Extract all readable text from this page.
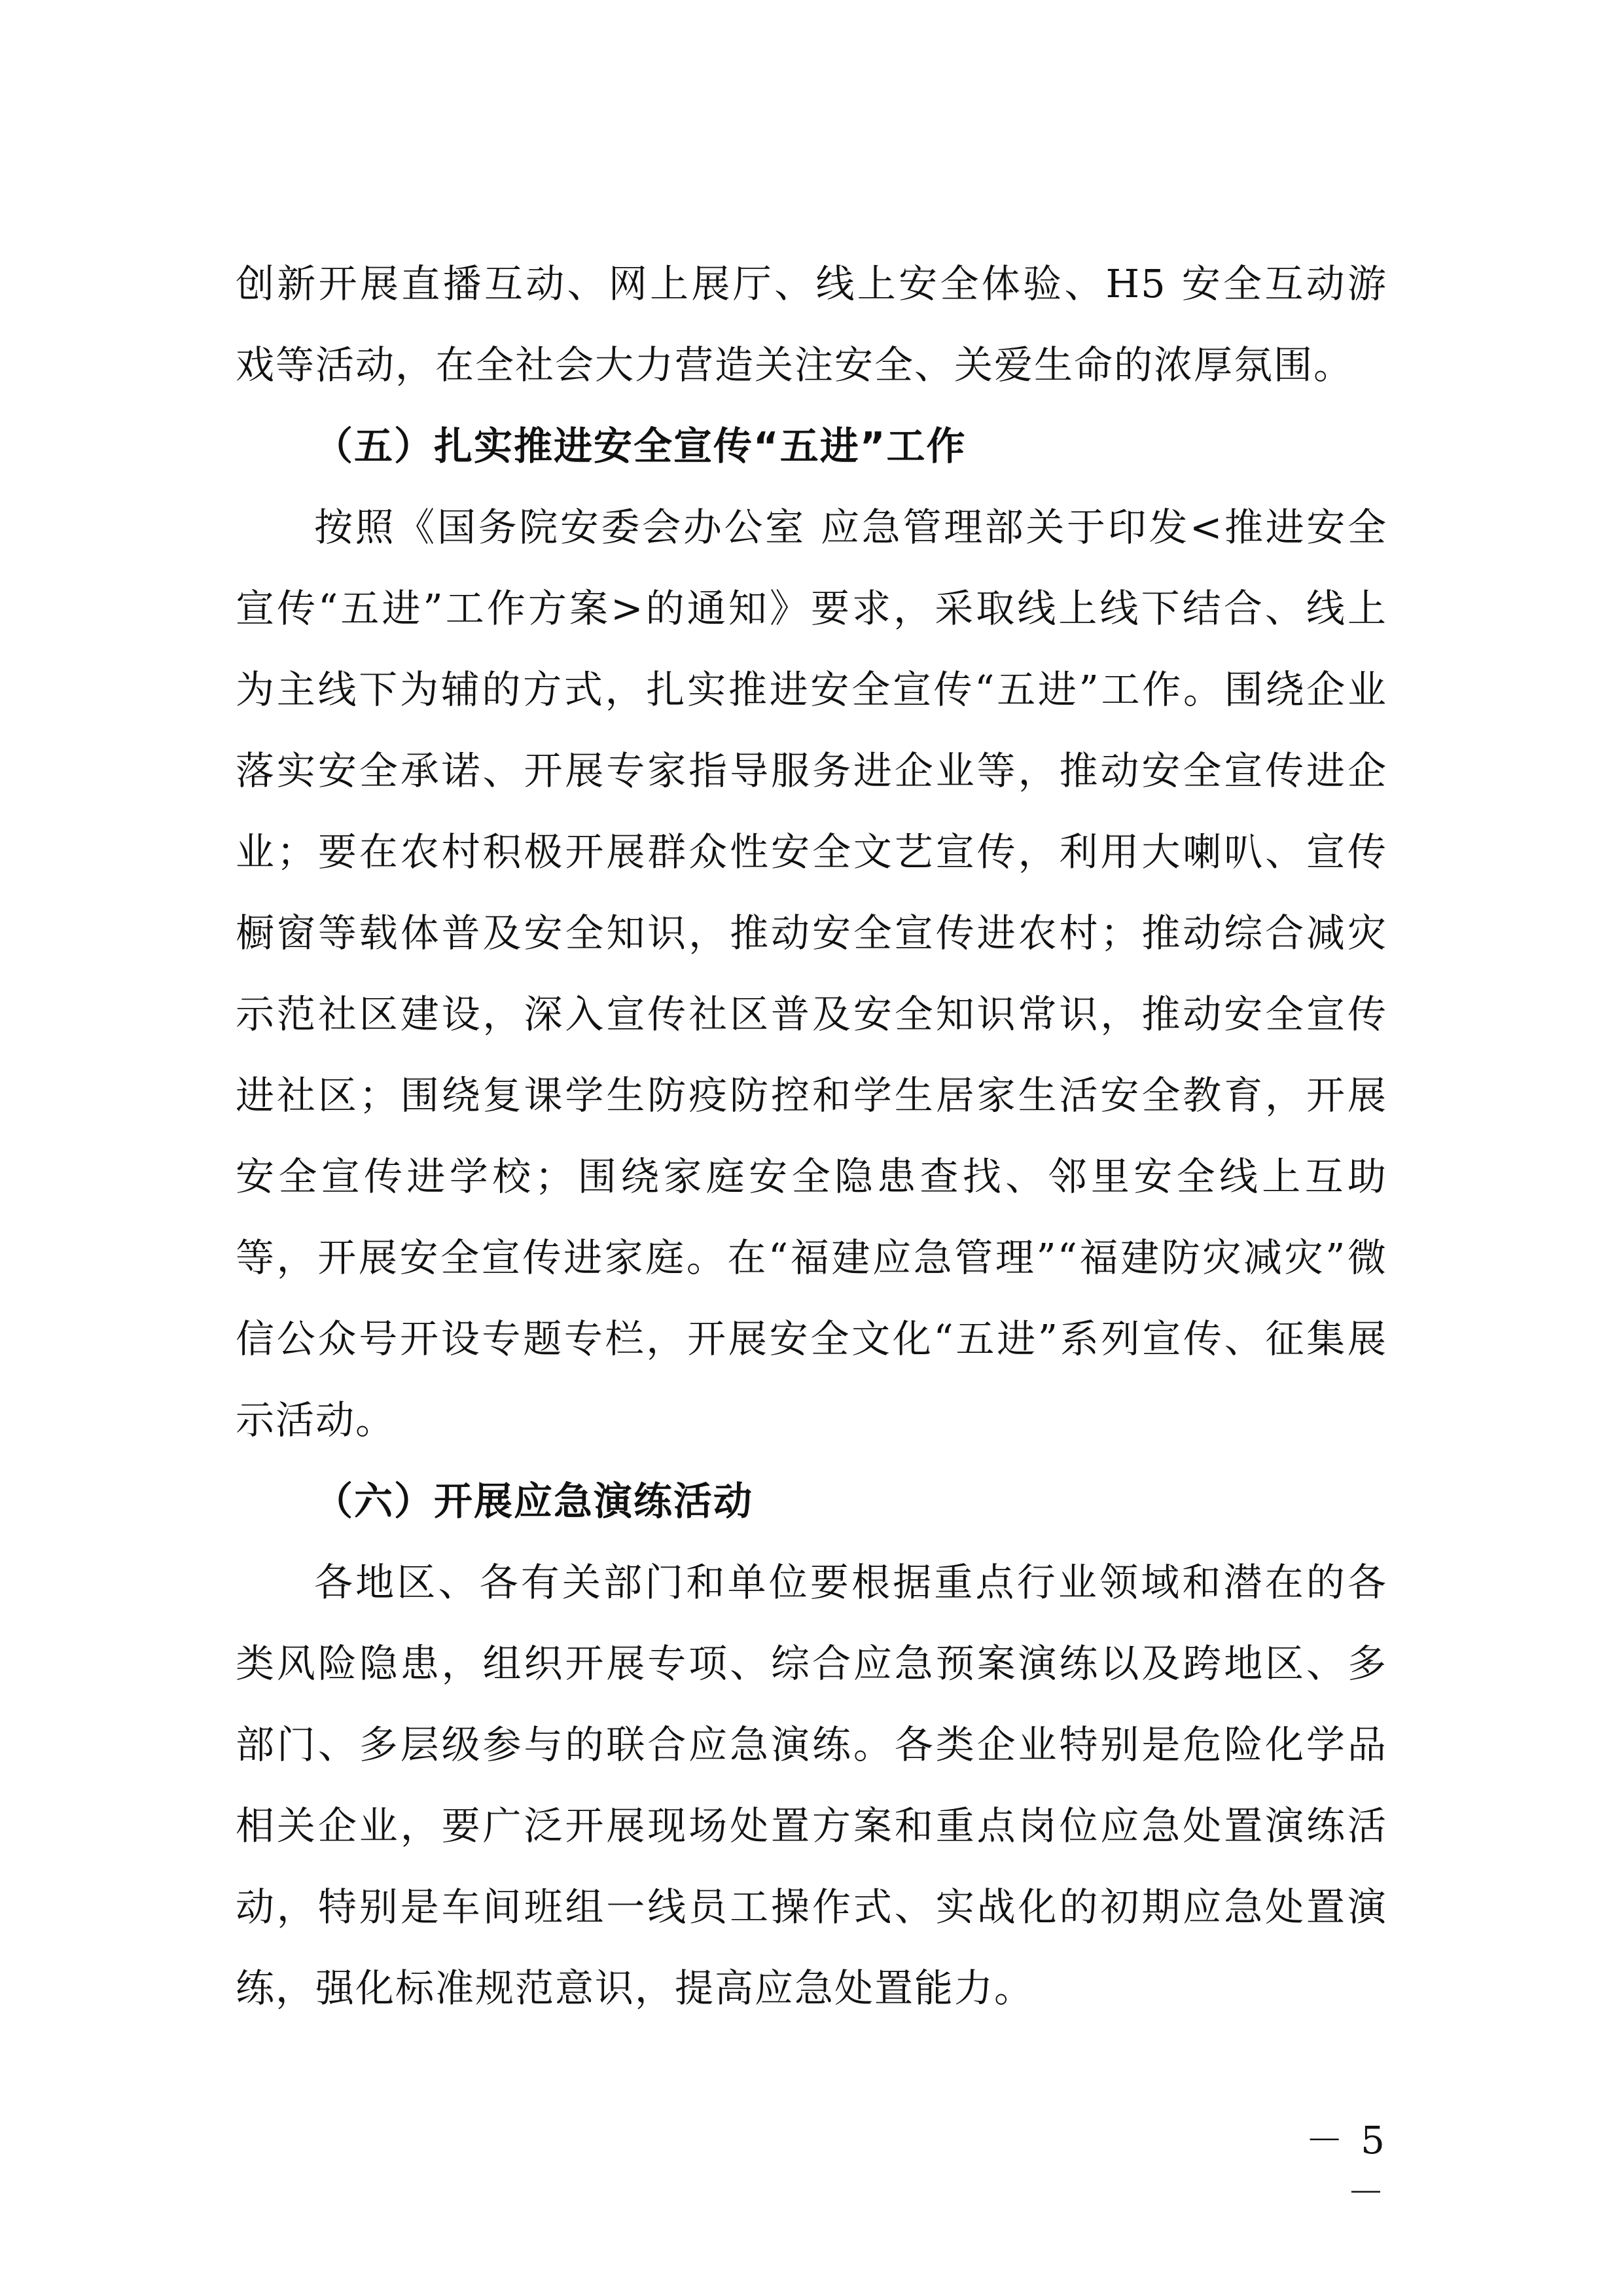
创新开展直播互动、网上展厅、线上安全体验、H5 安全互动游戏等活动，在全社会大力营造关注安全、关爱生命的浓厚氛围。

（五）扎实推进安全宣传“五进”工作

按照《国务院安委会办公室 应急管理部关于印发<推进安全宣传“五进”工作方案>的通知》要求，采取线上线下结合、线上为主线下为辅的方式，扎实推进安全宣传“五进”工作。围绕企业落实安全承诺、开展专家指导服务进企业等，推动安全宣传进企业；要在农村积极开展群众性安全文艺宣传，利用大喇叭、宣传橱窗等载体普及安全知识，推动安全宣传进农村；推动综合减灾示范社区建设，深入宣传社区普及安全知识常识，推动安全宣传进社区；围绕复课学生防疫防控和学生居家生活安全教育，开展安全宣传进学校；围绕家庭安全隐患查找、邻里安全线上互助等，开展安全宣传进家庭。在“福建应急管理”“福建防灾减灾”微信公众号开设专题专栏，开展安全文化“五进”系列宣传、征集展示活动。

（六）开展应急演练活动

各地区、各有关部门和单位要根据重点行业领域和潜在的各类风险隐患，组织开展专项、综合应急预案演练以及跨地区、多部门、多层级参与的联合应急演练。各类企业特别是危险化学品相关企业，要广泛开展现场处置方案和重点岗位应急处置演练活动，特别是车间班组一线员工操作式、实战化的初期应急处置演练，强化标准规范意识，提高应急处置能力。

－ 5 －
